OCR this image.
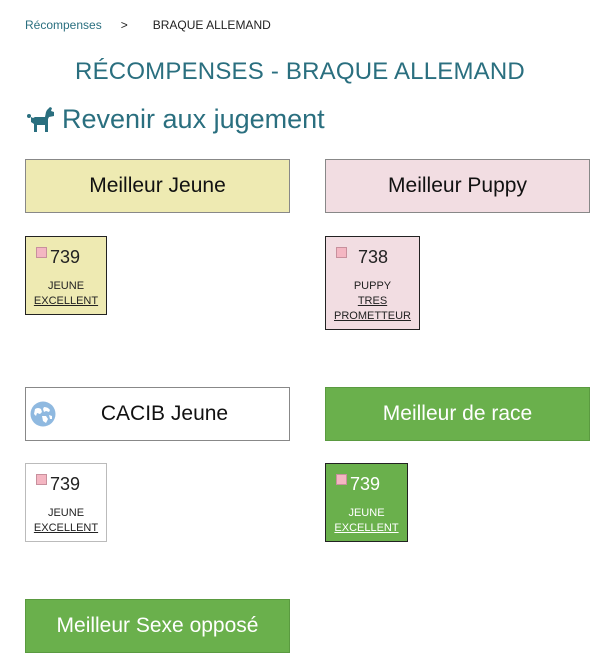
Récompenses > BRAQUE ALLEMAND
RÉCOMPENSES - BRAQUE ALLEMAND
Revenir aux jugement
Meilleur Jeune
739
JEUNE
EXCELLENT
Meilleur Puppy
738
PUPPY
TRES
PROMETTEUR
CACIB Jeune
739
JEUNE
EXCELLENT
Meilleur de race
739
JEUNE
EXCELLENT
Meilleur Sexe opposé
